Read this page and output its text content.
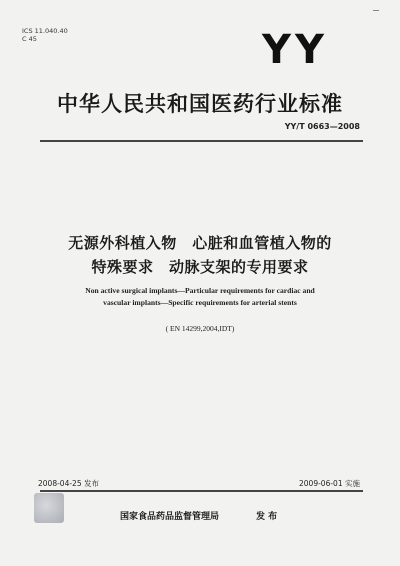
ICS 11.040.40
C 45	YY
中华人民共和国医药行业标准
YY/T 0663—2008
无源外科植入物　心脏和血管植入物的
特殊要求　动脉支架的专用要求
Non active surgical implants—Particular requirements for cardiac and
vascular implants—Specific requirements for arterial stents
( EN 14299,2004,IDT)
2008-04-25 发布	2009-06-01 实施
国家食品药品监督管理局	发 布
